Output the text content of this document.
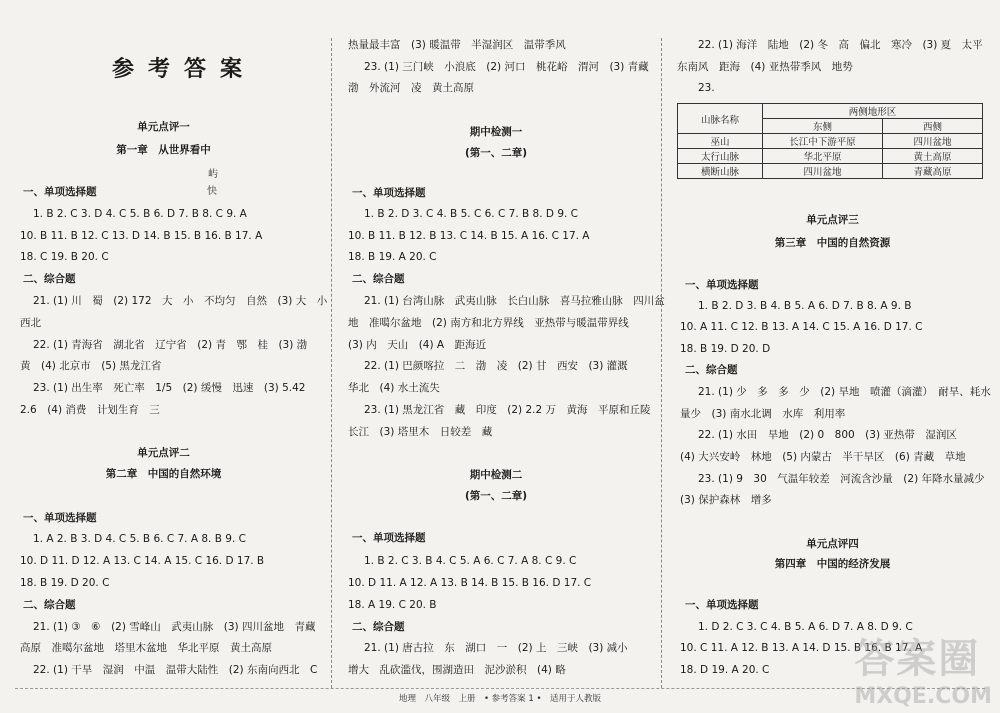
参考答案
单元点评一
第一章　从世界看中
屿
快
一、单项选择题
1. B 2. C 3. D 4. C 5. B 6. D 7. B 8. C 9. A
10. B 11. B 12. C 13. D 14. B 15. B 16. B 17. A
18. C 19. B 20. C
二、综合题
21. (1) 川　蜀　(2) 172　大　小　不均匀　自然　(3) 大　小
西北
22. (1) 青海省　湖北省　辽宁省　(2) 青　鄂　桂　(3) 渤
黄　(4) 北京市　(5) 黑龙江省
23. (1) 出生率　死亡率　1/5　(2) 缓慢　迅速　(3) 5.42
2.6　(4) 消费　计划生育　三
单元点评二
第二章　中国的自然环境
一、单项选择题
1. A 2. B 3. D 4. C 5. B 6. C 7. A 8. B 9. C
10. D 11. D 12. A 13. C 14. A 15. C 16. D 17. B
18. B 19. D 20. C
二、综合题
21. (1) ③　⑥　(2) 雪峰山　武夷山脉　(3) 四川盆地　青藏
高原　准噶尔盆地　塔里木盆地　华北平原　黄土高原
22. (1) 干旱　湿润　中温　温带大陆性　(2) 东南向西北　C
热量最丰富　(3) 暖温带　半湿润区　温带季风
23. (1) 三门峡　小浪底　(2) 河口　桃花峪　渭河　(3) 青藏
渤　外流河　凌　黄土高原
期中检测一
(第一、二章)
一、单项选择题
1. B 2. D 3. C 4. B 5. C 6. C 7. B 8. D 9. C
10. B 11. B 12. B 13. C 14. B 15. A 16. C 17. A
18. B 19. A 20. C
二、综合题
21. (1) 台湾山脉　武夷山脉　长白山脉　喜马拉雅山脉　四川盆
地　准噶尔盆地　(2) 南方和北方界线　亚热带与暖温带界线
(3) 内　天山　(4) A　距海近
22. (1) 巴颜喀拉　二　渤　凌　(2) 甘　西安　(3) 灌溉
华北　(4) 水土流失
23. (1) 黑龙江省　藏　印度　(2) 2.2 万　黄海　平原和丘陵
长江　(3) 塔里木　日较差　藏
期中检测二
(第一、二章)
一、单项选择题
1. B 2. C 3. B 4. C 5. A 6. C 7. A 8. C 9. C
10. D 11. A 12. A 13. B 14. B 15. B 16. D 17. C
18. A 19. C 20. B
二、综合题
21. (1) 唐古拉　东　湖口　一　(2) 上　三峡　(3) 减小
增大　乱砍滥伐，围湖造田　泥沙淤积　(4) 略
22. (1) 海洋　陆地　(2) 冬　高　偏北　寒冷　(3) 夏　太平
东南风　距海　(4) 亚热带季风　地势
23.
山脉名称	两侧地形区	
	东侧	西侧
巫山	长江中下游平原	四川盆地
太行山脉	华北平原	黄土高原
横断山脉	四川盆地	青藏高原
单元点评三
第三章　中国的自然资源
一、单项选择题
1. B 2. D 3. B 4. B 5. A 6. D 7. B 8. A 9. B
10. A 11. C 12. B 13. A 14. C 15. A 16. D 17. C
18. B 19. D 20. D
二、综合题
21. (1) 少　多　多　少　(2) 旱地　喷灌（滴灌）　耐旱、耗水
量少　(3) 南水北调　水库　利用率
22. (1) 水田　旱地　(2) 0　800　(3) 亚热带　湿润区
(4) 大兴安岭　林地　(5) 内蒙古　半干旱区　(6) 青藏　草地
23. (1) 9　30　气温年较差　河流含沙量　(2) 年降水量减少
(3) 保护森林　增多
单元点评四
第四章　中国的经济发展
一、单项选择题
1. D 2. C 3. C 4. B 5. A 6. D 7. A 8. D 9. C
10. C 11. A 12. B 13. A 14. D 15. B 16. B 17. A
18. D 19. A 20. C 答案圈
MXQE.COM
地理　八年级　上册　• 参考答案 1 •　适用于人教版
